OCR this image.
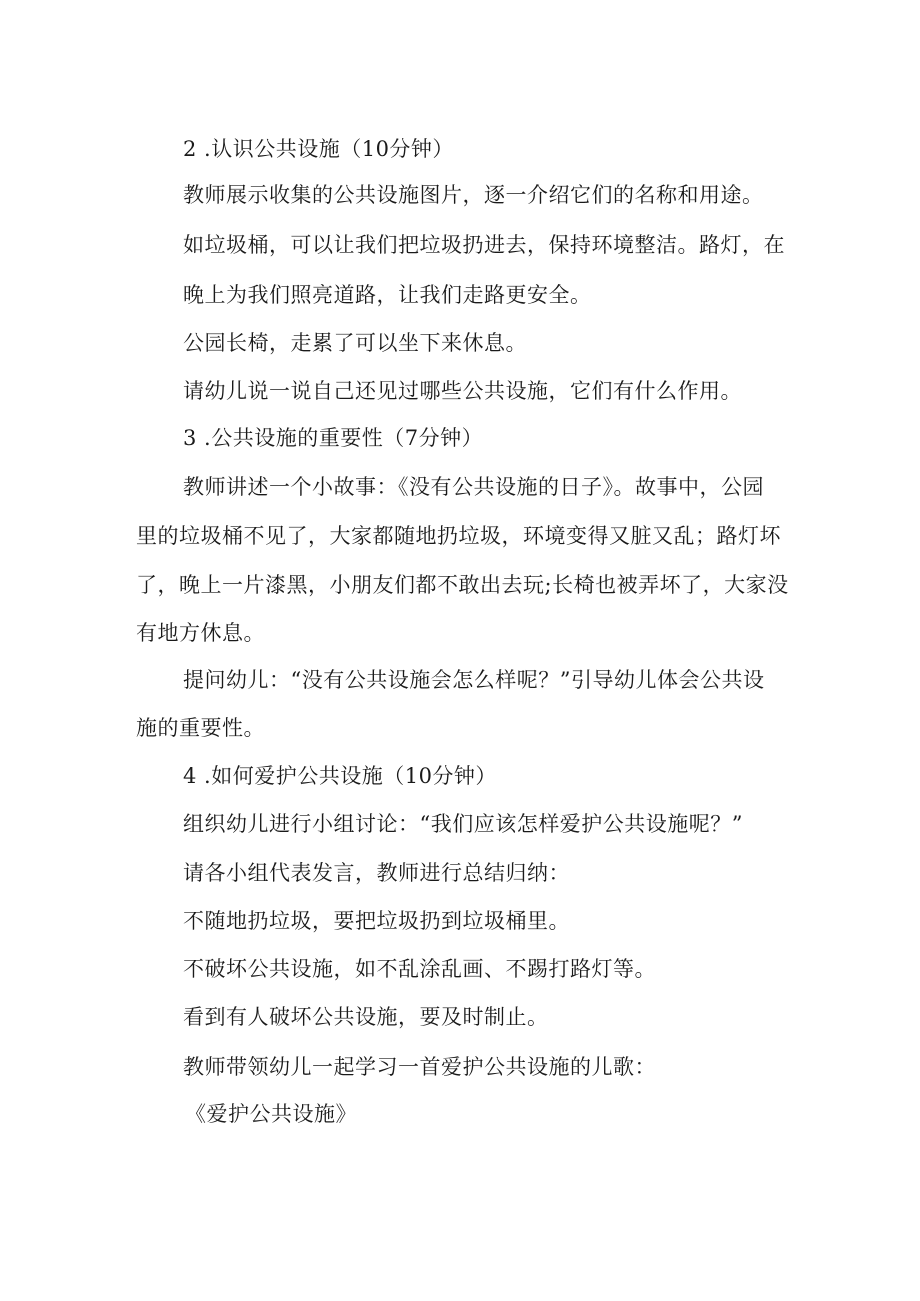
2 .认识公共设施（10分钟）
教师展示收集的公共设施图片，逐一介绍它们的名称和用途。
如垃圾桶，可以让我们把垃圾扔进去，保持环境整洁。路灯，在
晚上为我们照亮道路，让我们走路更安全。
公园长椅，走累了可以坐下来休息。
请幼儿说一说自己还见过哪些公共设施，它们有什么作用。
3 .公共设施的重要性（7分钟）
教师讲述一个小故事：《没有公共设施的日子》。故事中，公园
里的垃圾桶不见了，大家都随地扔垃圾，环境变得又脏又乱；路灯坏
了，晚上一片漆黑，小朋友们都不敢出去玩;长椅也被弄坏了，大家没
有地方休息。
提问幼儿：“没有公共设施会怎么样呢？”引导幼儿体会公共设
施的重要性。
4 .如何爱护公共设施（10分钟）
组织幼儿进行小组讨论：“我们应该怎样爱护公共设施呢？”
请各小组代表发言，教师进行总结归纳：
不随地扔垃圾，要把垃圾扔到垃圾桶里。
不破坏公共设施，如不乱涂乱画、不踢打路灯等。
看到有人破坏公共设施，要及时制止。
教师带领幼儿一起学习一首爱护公共设施的儿歌：
《爱护公共设施》
